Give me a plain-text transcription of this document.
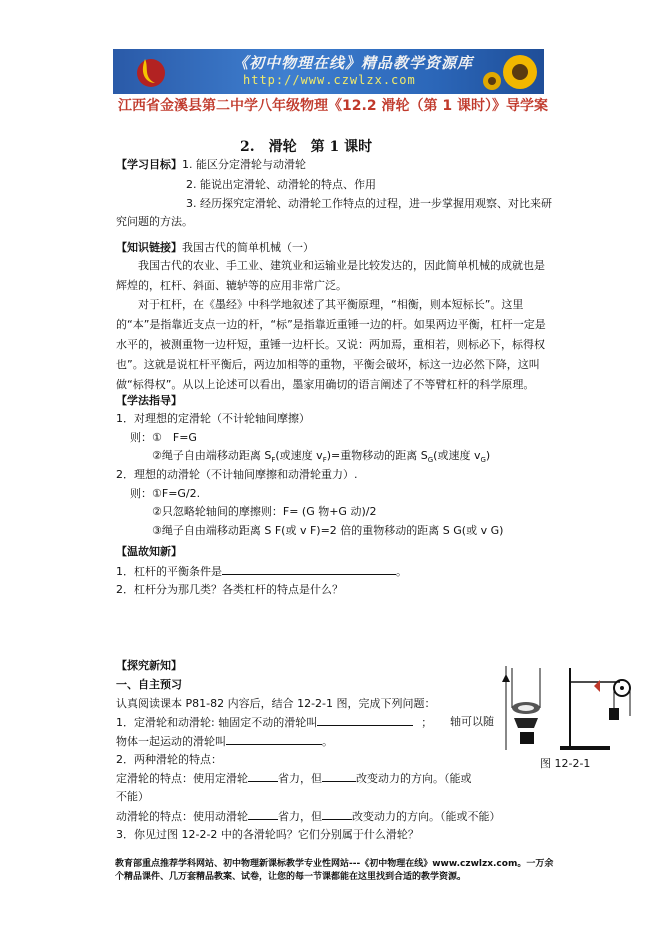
《初中物理在线》精品教学资源库
http://www.czwlzx.com
江西省金溪县第二中学八年级物理《12.2 滑轮（第 1 课时）》导学案
2.　滑轮　第 1 课时
【学习目标】1. 能区分定滑轮与动滑轮
2. 能说出定滑轮、动滑轮的特点、作用
3. 经历探究定滑轮、动滑轮工作特点的过程，进一步掌握用观察、对比来研
究问题的方法。
【知识链接】我国古代的简单机械（一）
我国古代的农业、手工业、建筑业和运输业是比较发达的，因此简单机械的成就也是辉煌的，杠杆、斜面、辘轳等的应用非常广泛。
对于杠杆，在《墨经》中科学地叙述了其平衡原理，“相衡，则本短标长”。这里的“本”是指靠近支点一边的杆，“标”是指靠近重锤一边的杆。如果两边平衡，杠杆一定是水平的，被测重物一边杆短，重锤一边杆长。又说：两加焉，重相若，则标必下，标得权也”。这就是说杠杆平衡后，两边加相等的重物，平衡会破坏，标这一边必然下降，这叫做“标得权”。从以上论述可以看出，墨家用确切的语言阐述了不等臂杠杆的科学原理。
【学法指导】
1．对理想的定滑轮（不计轮轴间摩擦）
则：①　F=G
②绳子自由端移动距离 $S_F$(或速度 $v_F)=$重物移动的距离 $S_G$(或速度 $v_G$)
2．理想的动滑轮（不计轴间摩擦和动滑轮重力）.
则：①F=G/2.
②只忽略轮轴间的摩擦则：F= (G 物+G 动)/2
③绳子自由端移动距离 S F(或 v F)=2 倍的重物移动的距离 S G(或 v G)
【温故知新】
1．杠杆的平衡条件是	。
2．杠杆分为那几类？各类杠杆的特点是什么？
【探究新知】
一、自主预习
认真阅读课本 P81-82 内容后，结合 12-2-1 图，完成下列问题：
1．定滑轮和动滑轮: 轴固定不动的滑轮叫	； 轴可以随
物体一起运动的滑轮叫	。
2．两种滑轮的特点：
定滑轮的特点：使用定滑轮	省力，但	改变动力的方向。（能或
不能）
动滑轮的特点：使用动滑轮	省力，但	改变动力的方向。（能或不能）
3．你见过图 12-2-2 中的各滑轮吗？它们分别属于什么滑轮？
图 12-2-1
教育部重点推荐学科网站、初中物理新课标教学专业性网站---《初中物理在线》www.czwlzx.com。一万余个精品课件、几万套精品教案、试卷，让您的每一节课都能在这里找到合适的教学资源。
